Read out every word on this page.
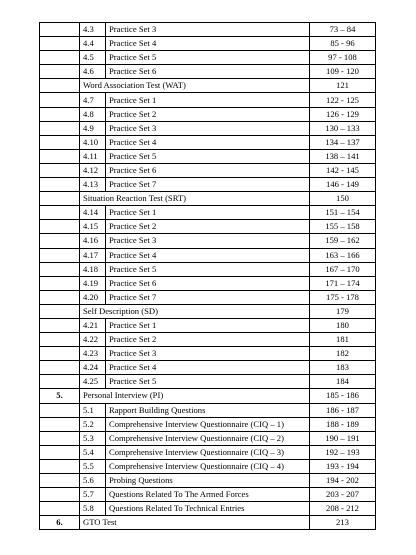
	4.3	Practice Set 3	73 – 84
	4.4	Practice Set 4	85 - 96
	4.5	Practice Set 5	97 - 108
	4.6	Practice Set 6	109 - 120
	Word Association Test (WAT)		121
	4.7	Practice Set 1	122 - 125
	4.8	Practice Set 2	126 - 129
	4.9	Practice Set 3	130 – 133
	4.10	Practice Set 4	134 – 137
	4.11	Practice Set 5	138 – 141
	4.12	Practice Set 6	142 - 145
	4.13	Practice Set 7	146 - 149
	Situation Reaction Test (SRT)		150
	4.14	Practice Set 1	151 – 154
	4.15	Practice Set 2	155 – 158
	4.16	Practice Set 3	159 – 162
	4.17	Practice Set 4	163 – 166
	4.18	Practice Set 5	167 – 170
	4.19	Practice Set 6	171 – 174
	4.20	Practice Set 7	175 - 178
	Self Description (SD)		179
	4.21	Practice Set 1	180
	4.22	Practice Set 2	181
	4.23	Practice Set 3	182
	4.24	Practice Set 4	183
	4.25	Practice Set 5	184
5.	Personal Interview (PI)		185 - 186
	5.1	Rapport Building Questions	186 - 187
	5.2	Comprehensive Interview Questionnaire (CIQ – 1)	188 - 189
	5.3	Comprehensive Interview Questionnaire (CIQ – 2)	190 – 191
	5.4	Comprehensive Interview Questionnaire (CIQ – 3)	192 – 193
	5.5	Comprehensive Interview Questionnaire (CIQ – 4)	193 - 194
	5.6	Probing Questions	194 - 202
	5.7	Questions Related To The Armed Forces	203 - 207
	5.8	Questions Related To Technical Entries	208 - 212
6.	GTO Test		213
